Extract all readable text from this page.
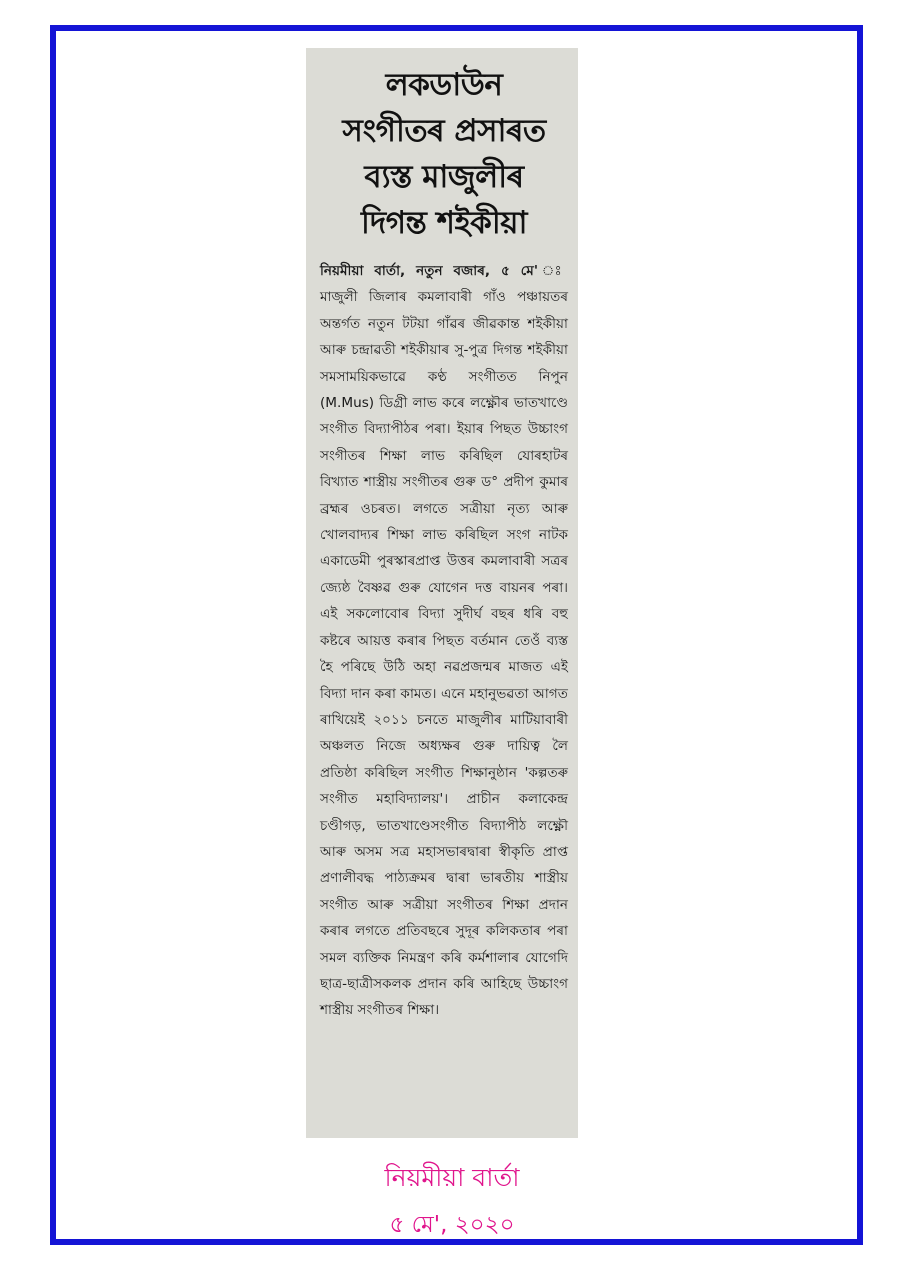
লকডাউন
সংগীতৰ প্ৰসাৰত
ব্যস্ত মাজুলীৰ
দিগন্ত শইকীয়া

নিয়মীয়া বাৰ্তা, নতুন বজাৰ, ৫ মে' মাজুলী জিলাৰ কমলাবাৰী গাঁও পঞ্চায়তৰ অন্তৰ্গত নতুন টটয়া গাঁৱৰ জীৱকান্ত শইকীয়া আৰু চন্দ্ৰাৱতী শইকীয়াৰ সু-পুত্ৰ দিগন্ত শইকীয়া সমসাময়িকভাৱে কণ্ঠ সংগীতত নিপুন (M.Mus) ডিগ্ৰী লাভ কৰে লক্ষ্ণৌৰ ভাতখাণ্ডে সংগীত বিদ্যাপীঠৰ পৰা। ইয়াৰ পিছত উচ্চাংগ সংগীতৰ শিক্ষা লাভ কৰিছিল যোৰহাটৰ বিখ্যাত শাস্ত্ৰীয় সংগীতৰ গুৰু ড° প্ৰদীপ কুমাৰ ব্ৰহ্মৰ ওচৰত। লগতে সত্ৰীয়া নৃত্য আৰু খোলবাদ্যৰ শিক্ষা লাভ কৰিছিল সংগ নাটক একাডেমী পুৰস্কাৰপ্ৰাপ্ত উত্তৰ কমলাবাৰী সত্ৰৰ জ্যেষ্ঠ বৈষ্ণৱ গুৰু যোগেন দত্ত বায়নৰ পৰা। এই সকলোবোৰ বিদ্যা সুদীৰ্ঘ বছৰ ধৰি বহু কষ্টৰে আয়ত্ত কৰাৰ পিছত বৰ্তমান তেওঁ ব্যস্ত হৈ পৰিছে উঠি অহা নৱপ্ৰজন্মৰ মাজত এই বিদ্যা দান কৰা কামত। এনে মহানুভৱতা আগত ৰাখিয়েই ২০১১ চনতে মাজুলীৰ মাটিয়াবাৰী অঞ্চলত নিজে অধ্যক্ষৰ গুৰু দায়িত্ব লৈ প্ৰতিষ্ঠা কৰিছিল সংগীত শিক্ষানুষ্ঠান 'কল্পতৰু সংগীত মহাবিদ্যালয়'। প্ৰাচীন কলাকেন্দ্ৰ চণ্ডীগড়, ভাতখাণ্ডেসংগীত বিদ্যাপীঠ লক্ষ্ণৌ আৰু অসম সত্ৰ মহাসভাৰদ্বাৰা স্বীকৃতি প্ৰাপ্ত প্ৰণালীবদ্ধ পাঠ্যক্ৰমৰ দ্বাৰা ভাৰতীয় শাস্ত্ৰীয় সংগীত আৰু সত্ৰীয়া সংগীতৰ শিক্ষা প্ৰদান কৰাৰ লগতে প্ৰতিবছৰে সুদূৰ কলিকতাৰ পৰা সমল ব্যক্তিক নিমন্ত্ৰণ কৰি কৰ্মশালাৰ যোগেদি ছাত্ৰ-ছাত্ৰীসকলক প্ৰদান কৰি আহিছে উচ্চাংগ শাস্ত্ৰীয় সংগীতৰ শিক্ষা।

নিয়মীয়া বাৰ্তা
৫ মে', ২০২০
